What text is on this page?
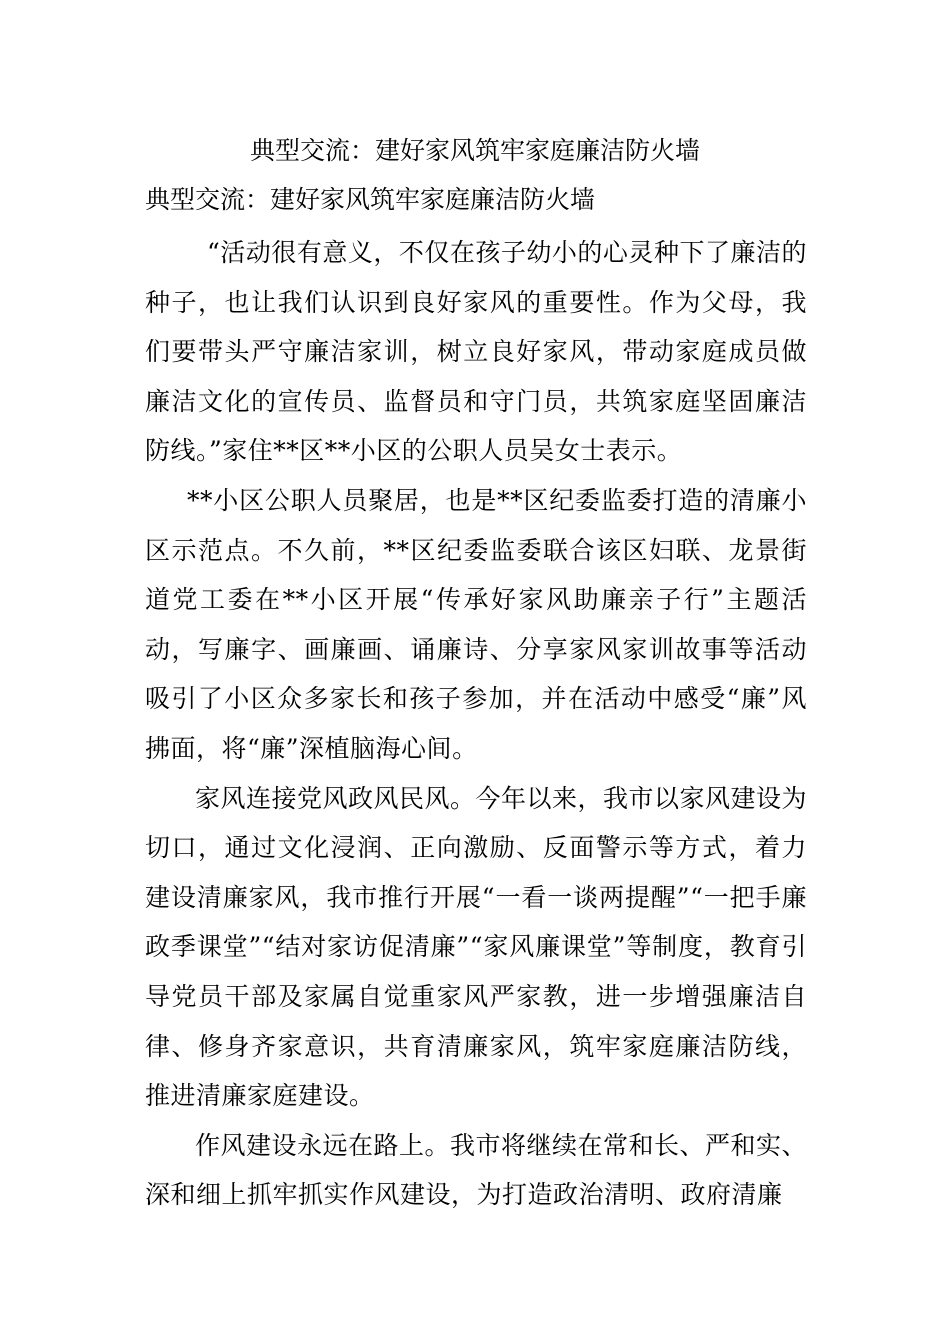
典型交流：建好家风筑牢家庭廉洁防火墙
典型交流：建好家风筑牢家庭廉洁防火墙

“活动很有意义，不仅在孩子幼小的心灵种下了廉洁的种子，也让我们认识到良好家风的重要性。作为父母，我们要带头严守廉洁家训，树立良好家风，带动家庭成员做廉洁文化的宣传员、监督员和守门员，共筑家庭坚固廉洁防线。”家住**区**小区的公职人员吴女士表示。

**小区公职人员聚居，也是**区纪委监委打造的清廉小区示范点。不久前，**区纪委监委联合该区妇联、龙景街道党工委在**小区开展“传承好家风助廉亲子行”主题活动，写廉字、画廉画、诵廉诗、分享家风家训故事等活动吸引了小区众多家长和孩子参加，并在活动中感受“廉”风拂面，将“廉”深植脑海心间。

家风连接党风政风民风。今年以来，我市以家风建设为切口，通过文化浸润、正向激励、反面警示等方式，着力建设清廉家风，我市推行开展“一看一谈两提醒”“一把手廉政季课堂”“结对家访促清廉”“家风廉课堂”等制度，教育引导党员干部及家属自觉重家风严家教，进一步增强廉洁自律、修身齐家意识，共育清廉家风，筑牢家庭廉洁防线，推进清廉家庭建设。

作风建设永远在路上。我市将继续在常和长、严和实、深和细上抓牢抓实作风建设，为打造政治清明、政府清廉
